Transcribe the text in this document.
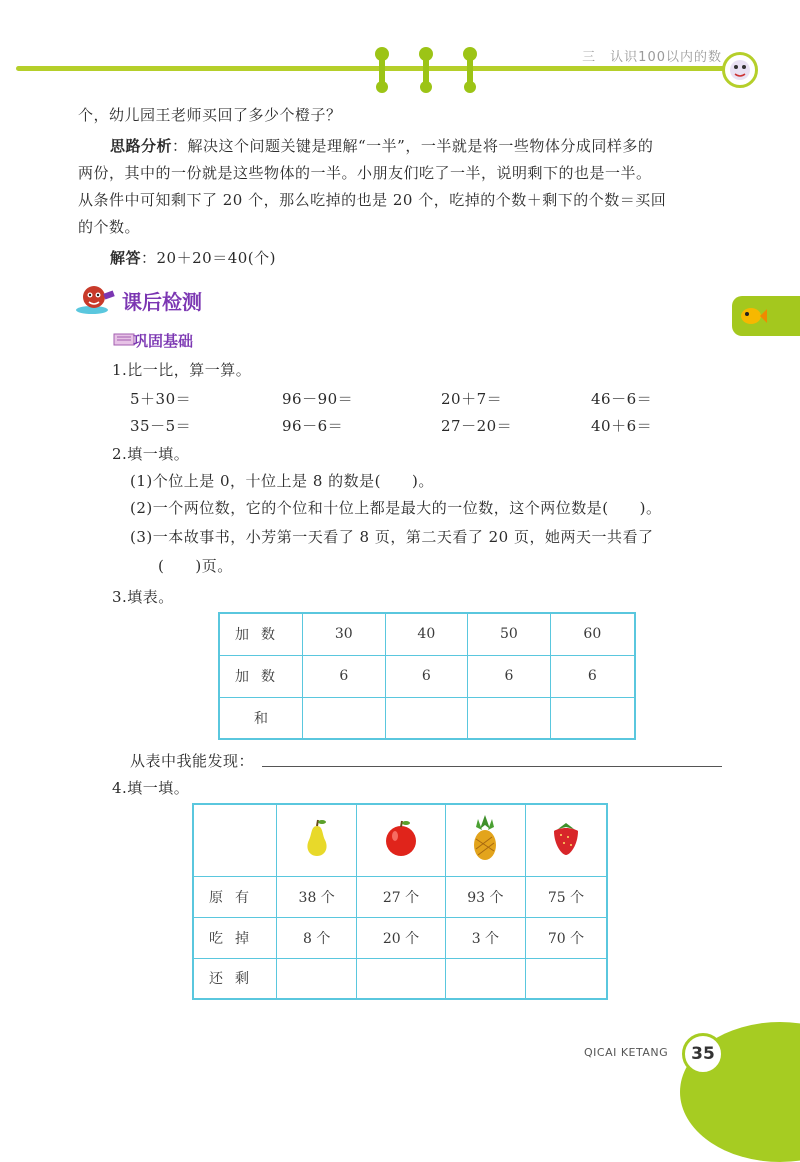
三　认识100以内的数

个，幼儿园王老师买回了多少个橙子？

思路分析：解决这个问题关键是理解“一半”，一半就是将一些物体分成同样多的

两份，其中的一份就是这些物体的一半。小朋友们吃了一半，说明剩下的也是一半。

从条件中可知剩下了 20 个，那么吃掉的也是 20 个，吃掉的个数＋剩下的个数＝买回

的个数。

解答：20＋20＝40(个)

课后检测
巩固基础

1.比一比，算一算。

5＋30＝	96－90＝	20＋7＝	46－6＝

35－5＝	96－6＝	27－20＝	40＋6＝

2.填一填。

(1)个位上是 0，十位上是 8 的数是(　　)。

(2)一个两位数，它的个位和十位上都是最大的一位数，这个两位数是(　　)。

(3)一本故事书，小芳第一天看了 8 页，第二天看了 20 页，她两天一共看了

(　　)页。

3.填表。

加数	30	40	50	60
加数	6	6	6	6
和				

从表中我能发现：

4.填一填。

原有	38 个	27 个	93 个	75 个
吃掉	8 个	20 个	3 个	70 个
还剩				
QICAI KETANG	35
